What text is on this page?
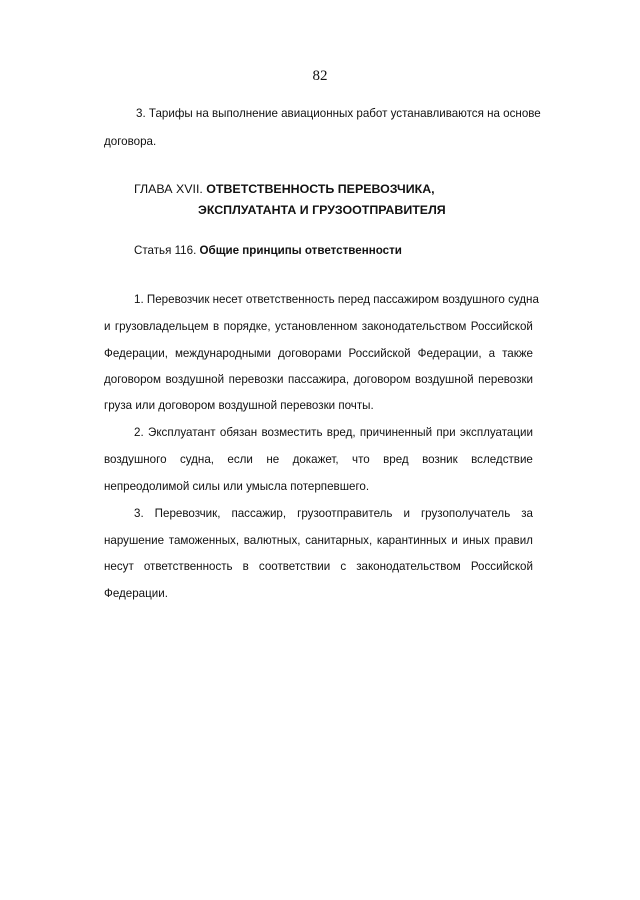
82
3. Тарифы на выполнение авиационных работ устанавливаются на основе
договора.
ГЛАВА XVII. ОТВЕТСТВЕННОСТЬ ПЕРЕВОЗЧИКА,
ЭКСПЛУАТАНТА И ГРУЗООТПРАВИТЕЛЯ
Статья 116. Общие принципы ответственности
1. Перевозчик несет ответственность перед пассажиром воздушного судна
и грузовладельцем в порядке, установленном законодательством Российской
Федерации, международными договорами Российской Федерации, а также
договором воздушной перевозки пассажира, договором воздушной перевозки
груза или договором воздушной перевозки почты.
2. Эксплуатант обязан возместить вред, причиненный при эксплуатации
воздушного судна, если не докажет, что вред возник вследствие
непреодолимой силы или умысла потерпевшего.
3. Перевозчик, пассажир, грузоотправитель и грузополучатель за
нарушение таможенных, валютных, санитарных, карантинных и иных правил
несут ответственность в соответствии с законодательством Российской
Федерации.
